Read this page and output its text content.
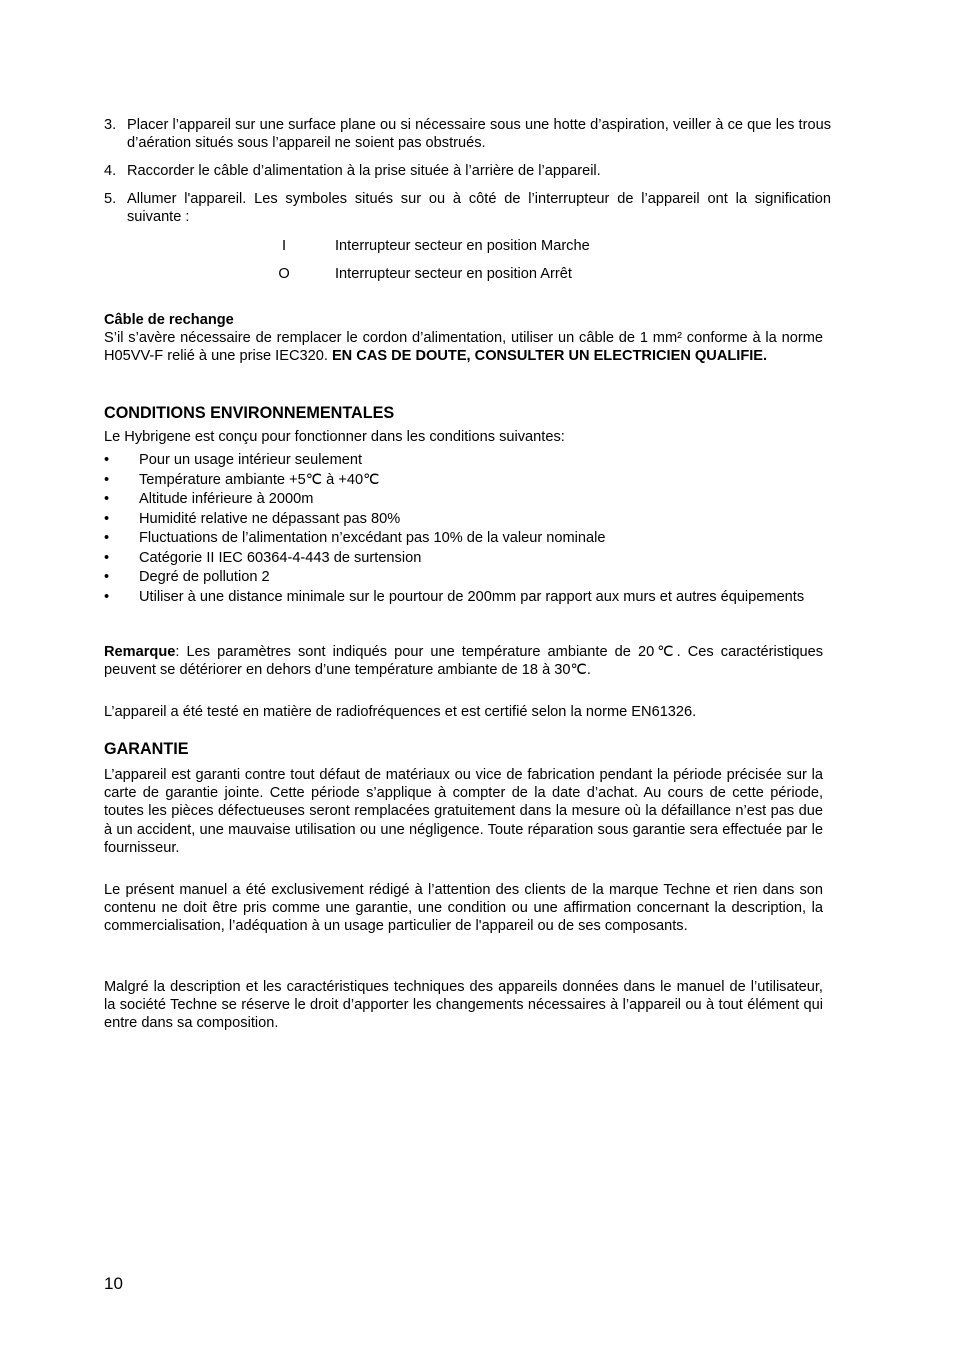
3. Placer l’appareil sur une surface plane ou si nécessaire sous une hotte d’aspiration, veiller à ce que les trous d’aération situés sous l’appareil ne soient pas obstrués.
4. Raccorder le câble d’alimentation à la prise située à l’arrière de l’appareil.
5. Allumer l'appareil. Les symboles situés sur ou à côté de l’interrupteur de l’appareil ont la signification suivante :
I	Interrupteur secteur en position Marche
O	Interrupteur secteur en position Arrêt
Câble de rechange
S’il s’avère nécessaire de remplacer le cordon d’alimentation, utiliser un câble de 1 mm² conforme à la norme H05VV-F relié à une prise IEC320. EN CAS DE DOUTE, CONSULTER UN ELECTRICIEN QUALIFIE.
CONDITIONS ENVIRONNEMENTALES
Le Hybrigene est conçu pour fonctionner dans les conditions suivantes:
• Pour un usage intérieur seulement
• Température ambiante +5℃ à +40℃
• Altitude inférieure à 2000m
• Humidité relative ne dépassant pas 80%
• Fluctuations de l’alimentation n’excédant pas 10% de la valeur nominale
• Catégorie II IEC 60364-4-443 de surtension
• Degré de pollution 2
•	Utiliser à une distance minimale sur le pourtour de 200mm par rapport aux murs et autres équipements
Remarque: Les paramètres sont indiqués pour une température ambiante de 20℃. Ces caractéristiques peuvent se détériorer en dehors d’une température ambiante de 18 à 30℃.
L’appareil a été testé en matière de radiofréquences et est certifié selon la norme EN61326.
GARANTIE
L’appareil est garanti contre tout défaut de matériaux ou vice de fabrication pendant la période précisée sur la carte de garantie jointe. Cette période s’applique à compter de la date d’achat. Au cours de cette période, toutes les pièces défectueuses seront remplacées gratuitement dans la mesure où la défaillance n’est pas due à un accident, une mauvaise utilisation ou une négligence. Toute réparation sous garantie sera effectuée par le fournisseur.
Le présent manuel a été exclusivement rédigé à l’attention des clients de la marque Techne et rien dans son contenu ne doit être pris comme une garantie, une condition ou une affirmation concernant la description, la commercialisation, l’adéquation à un usage particulier de l'appareil ou de ses composants.
Malgré la description et les caractéristiques techniques des appareils données dans le manuel de l’utilisateur, la société Techne se réserve le droit d’apporter les changements nécessaires à l’appareil ou à tout élément qui entre dans sa composition.
10
